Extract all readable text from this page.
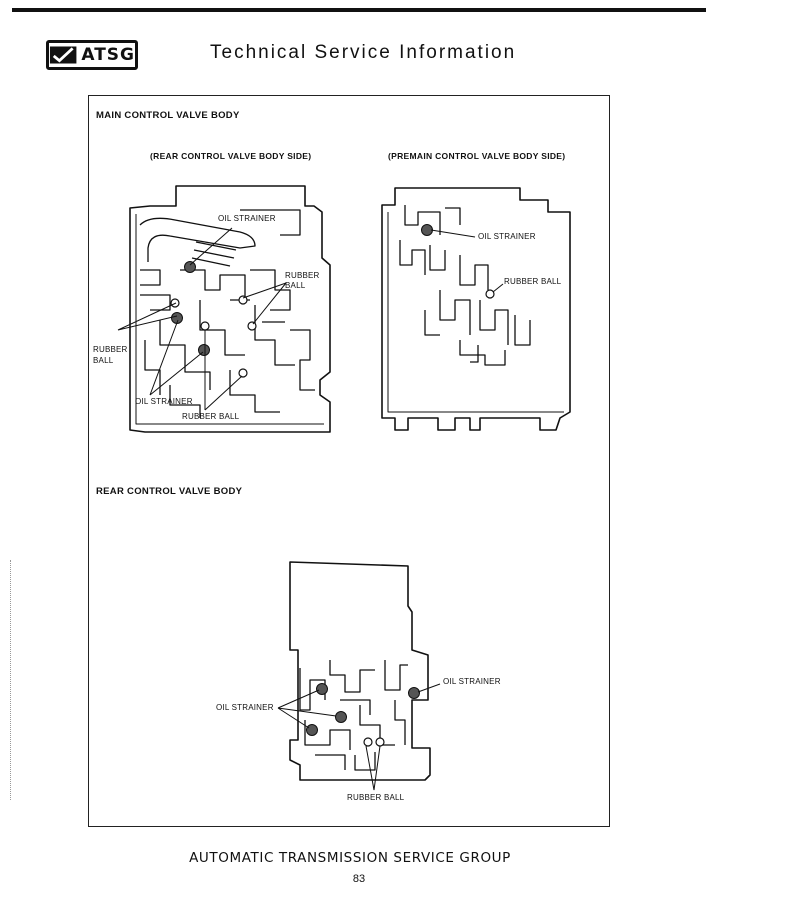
ATSG	Technical Service Information
MAIN CONTROL VALVE BODY
(REAR CONTROL VALVE BODY SIDE)	(PREMAIN CONTROL VALVE BODY SIDE)
OIL STRAINER
RUBBER
BALL
RUBBER
BALL
OIL STRAINER
RUBBER BALL
OIL STRAINER
RUBBER BALL
REAR CONTROL VALVE BODY
OIL STRAINER
OIL STRAINER
RUBBER BALL
AUTOMATIC TRANSMISSION SERVICE GROUP
83
